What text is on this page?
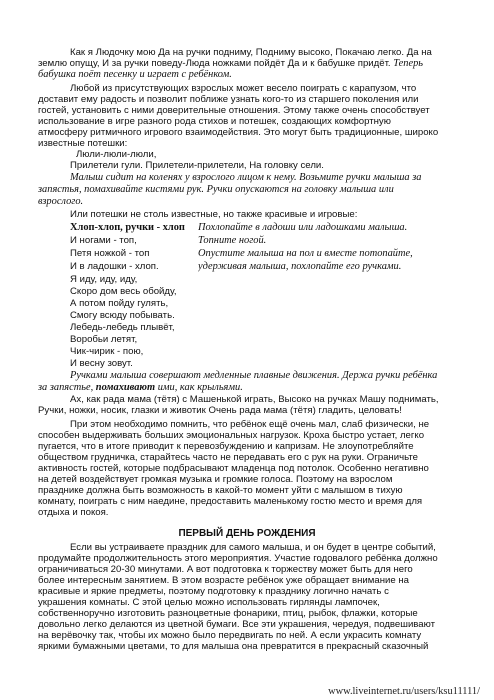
Как я Людочку мою Да на ручки подниму, Подниму высоко, Покачаю легко. Да на
землю опущу, И за ручки поведу-Люда ножками пойдёт Да и к бабушке придёт. Теперь
бабушка поёт песенку и играет с ребёнком.
Любой из присутствующих взрослых может весело поиграть с карапузом, что
доставит ему радость и позволит поближе узнать кого-то из старшего поколения или
гостей, установить с ними доверительные отношения. Этому также очень способствует
использование в игре разного рода стихов и потешек, создающих комфортную
атмосферу ритмичного игрового взаимодействия. Это могут быть традиционные, широко
известные потешки:
Люли-люли-люли,
Прилетели гули. Прилетели-прилетели, На головку сели.
Малыш сидит на коленях у взрослого лицом к нему. Возьмите ручки малыша за
запястья, помахивайте кистями рук. Ручки опускаются на головку малыша или
взрослого.
Или потешки не столь известные, но также красивые и игровые:
Хлоп-хлоп, ручки - хлоп	Похлопайте в ладоши или ладошками малыша.
И ногами - топ,	Топните ногой.
Петя ножкой - топ	Опустите малыша на пол и вместе потопайте,
И в ладошки - хлоп.	удерживая малыша, похлопайте его ручками.
Я иду, иду, иду,
Скоро дом весь обойду,
А потом пойду гулять,
Смогу всюду побывать.
Лебедь-лебедь плывёт,
Воробьи летят,
Чик-чирик - пою,
И весну зовут.
Ручками малыша совершают медленные плавные движения. Держа ручки ребёнка
за запястье, помахивают ими, как крыльями.
Ах, как рада мама (тётя) с Машенькой играть, Высоко на ручках Машу поднимать,
Ручки, ножки, носик, глазки и животик Очень рада мама (тётя) гладить, целовать!
При этом необходимо помнить, что ребёнок ещё очень мал, слаб физически, не
способен выдерживать больших эмоциональных нагрузок. Кроха быстро устает, легко
пугается, что в итоге приводит к перевозбуждению и капризам. Не злоупотребляйте
обществом грудничка, старайтесь часто не передавать его с рук на руки. Ограничьте
активность гостей, которые подбрасывают младенца под потолок. Особенно негативно
на детей воздействует громкая музыка и громкие голоса. Поэтому на взрослом
празднике должна быть возможность в какой-то момент уйти с малышом в тихую
комнату, поиграть с ним наедине, предоставить маленькому гостю место и время для
отдыха и покоя.
ПЕРВЫЙ ДЕНЬ РОЖДЕНИЯ
Если вы устраиваете праздник для самого малыша, и он будет в центре событий,
продумайте продолжительность этого мероприятия. Участие годовалого ребёнка должно
ограничиваться 20-30 минутами. А вот подготовка к торжеству может быть для него
более интересным занятием. В этом возрасте ребёнок уже обращает внимание на
красивые и яркие предметы, поэтому подготовку к празднику логично начать с
украшения комнаты. С этой целью можно использовать гирлянды лампочек,
собственноручно изготовить разноцветные фонарики, птиц, рыбок, флажки, которые
довольно легко делаются из цветной бумаги. Все эти украшения, чередуя, подвешивают
на верёвочку так, чтобы их можно было передвигать по ней. А если украсить комнату
яркими бумажными цветами, то для малыша она превратится в прекрасный сказочный
www.liveinternet.ru/users/ksu11111/
